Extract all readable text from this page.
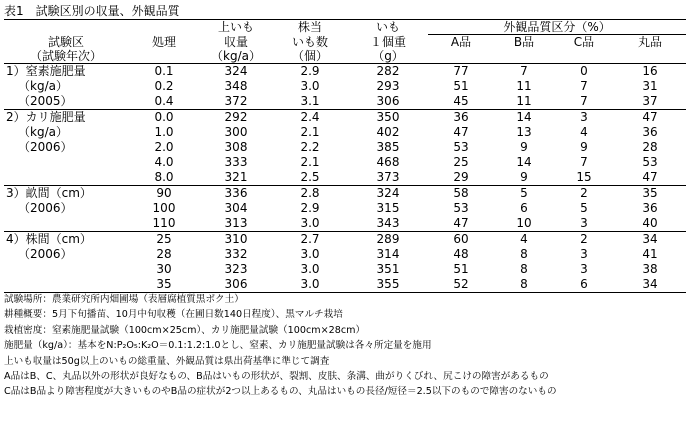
表1　試験区別の収量、外観品質
		上いも	株当	いも	外観品質区分（%）			
試験区	処理	収量	いも数	１個重	A品	B品	C品	丸品
（試験年次）		（kg/a）	（個）	（g）				
1）窒素施肥量	0.1	324	2.9	282	77	7	0	16
（kg/a）	0.2	348	3.0	293	51	11	7	31
（2005）	0.4	372	3.1	306	45	11	7	37
2）カリ施肥量	0.0	292	2.4	350	36	14	3	47
（kg/a）	1.0	300	2.1	402	47	13	4	36
（2006）	2.0	308	2.2	385	53	9	9	28
	4.0	333	2.1	468	25	14	7	53
	8.0	321	2.5	373	29	9	15	47
3）畝間（cm）	90	336	2.8	324	58	5	2	35
（2006）	100	304	2.9	315	53	6	5	36
	110	313	3.0	343	47	10	3	40
4）株間（cm）	25	310	2.7	289	60	4	2	34
（2006）	28	332	3.0	314	48	8	3	41
	30	323	3.0	351	51	8	3	38
	35	306	3.0	355	52	8	6	34
試験場所：農業研究所内畑圃場（表層腐植質黒ボク土）
耕種概要：5月下旬播苗、10月中旬収穫（在圃日数140日程度）、黒マルチ栽培
栽植密度：窒素施肥量試験（100cm×25cm）、カリ施肥量試験（100cm×28cm）
施肥量（kg/a）：基本をN:P₂O₅:K₂O＝0.1:1.2:1.0とし、窒素、カリ施肥量試験は各々所定量を施用
上いも収量は50g以上のいもの総重量、外観品質は県出荷基準に準じて調査
A品はB、C、丸品以外の形状が良好なもの、B品はいもの形状が、裂割、皮肤、条溝、曲がりくびれ、尻こけの障害があるもの
C品はB品より障害程度が大きいものやB品の症状が2つ以上あるもの、丸品はいもの長径/短径＝2.5以下のもので障害のないもの
